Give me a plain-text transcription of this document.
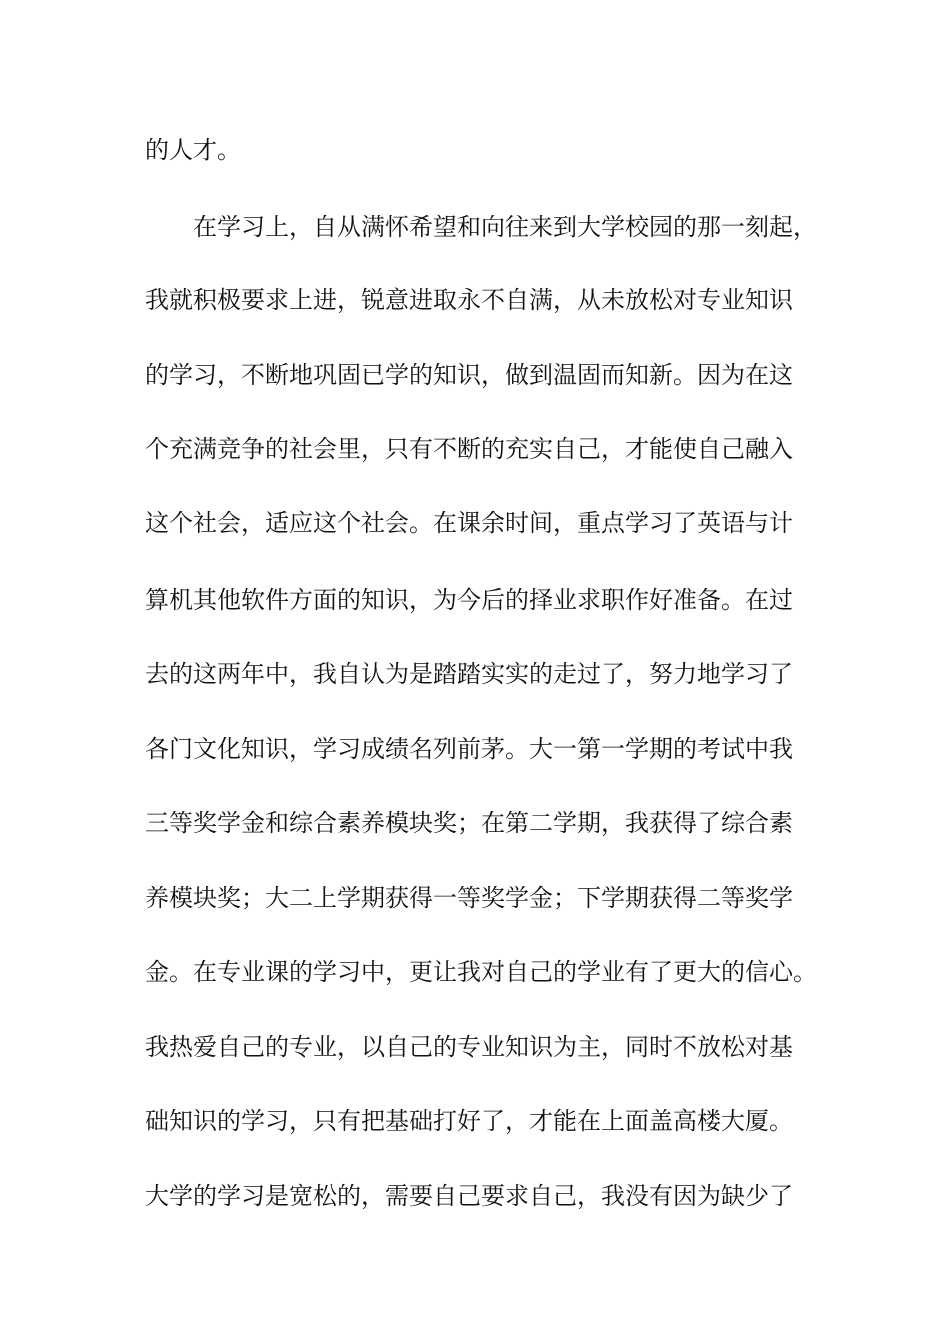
的人才。
　　在学习上，自从满怀希望和向往来到大学校园的那一刻起，
我就积极要求上进，锐意进取永不自满，从未放松对专业知识
的学习，不断地巩固已学的知识，做到温固而知新。因为在这
个充满竞争的社会里，只有不断的充实自己，才能使自己融入
这个社会，适应这个社会。在课余时间，重点学习了英语与计
算机其他软件方面的知识，为今后的择业求职作好准备。在过
去的这两年中，我自认为是踏踏实实的走过了，努力地学习了
各门文化知识，学习成绩名列前茅。大一第一学期的考试中我
三等奖学金和综合素养模块奖；在第二学期，我获得了综合素
养模块奖；大二上学期获得一等奖学金；下学期获得二等奖学
金。在专业课的学习中，更让我对自己的学业有了更大的信心。
我热爱自己的专业，以自己的专业知识为主，同时不放松对基
础知识的学习，只有把基础打好了，才能在上面盖高楼大厦。
大学的学习是宽松的，需要自己要求自己，我没有因为缺少了
